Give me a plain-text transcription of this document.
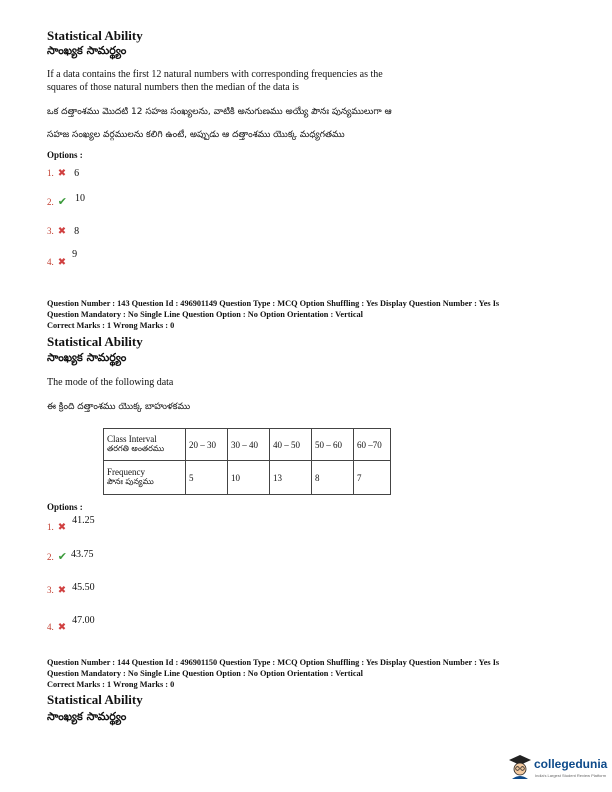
Statistical Ability
సాంఖ్యక సామర్థ్యం
If a data contains the first 12 natural numbers with corresponding frequencies as the
squares of those natural numbers then the median of the data is
ఒక దత్తాంశము మొదటి 12 సహజ సంఖ్యలను, వాటికి అనుగుణము అయ్యే పౌనః పున్యములుగా ఆ
సహజ సంఖ్యల వర్గములను కలిగి ఉంటే, అప్పుడు ఆ దత్తాంశము యొక్క మధ్యగతము
Options :
1. ✖ 6
2. ✔ $^{10}$
3. ✖ 8
4. ✖ $^9$
Question Number : 143 Question Id : 496901149 Question Type : MCQ Option Shuffling : Yes Display Question Number : Yes Is
Question Mandatory : No Single Line Question Option : No Option Orientation : Vertical
Correct Marks : 1 Wrong Marks : 0
Statistical Ability
సాంఖ్యక సామర్థ్యం
The mode of the following data
ఈ క్రింది దత్తాంశము యొక్క బాహుళకము
Class Interval
తరగతి అంతరము	20 – 30	30 – 40	40 – 50	50 – 60	60 –70

Frequency
పౌనః పున్యము	5	10	13	8	7
Options :
1. ✖ $^{41.25}$
2. ✔ 43.75
3. ✖ 45.50
4. ✖ $^{47.00}$
Question Number : 144 Question Id : 496901150 Question Type : MCQ Option Shuffling : Yes Display Question Number : Yes Is
Question Mandatory : No Single Line Question Option : No Option Orientation : Vertical
Correct Marks : 1 Wrong Marks : 0
Statistical Ability
సాంఖ్యక సామర్థ్యం
collegedunia
India's Largest Student Review Platform
